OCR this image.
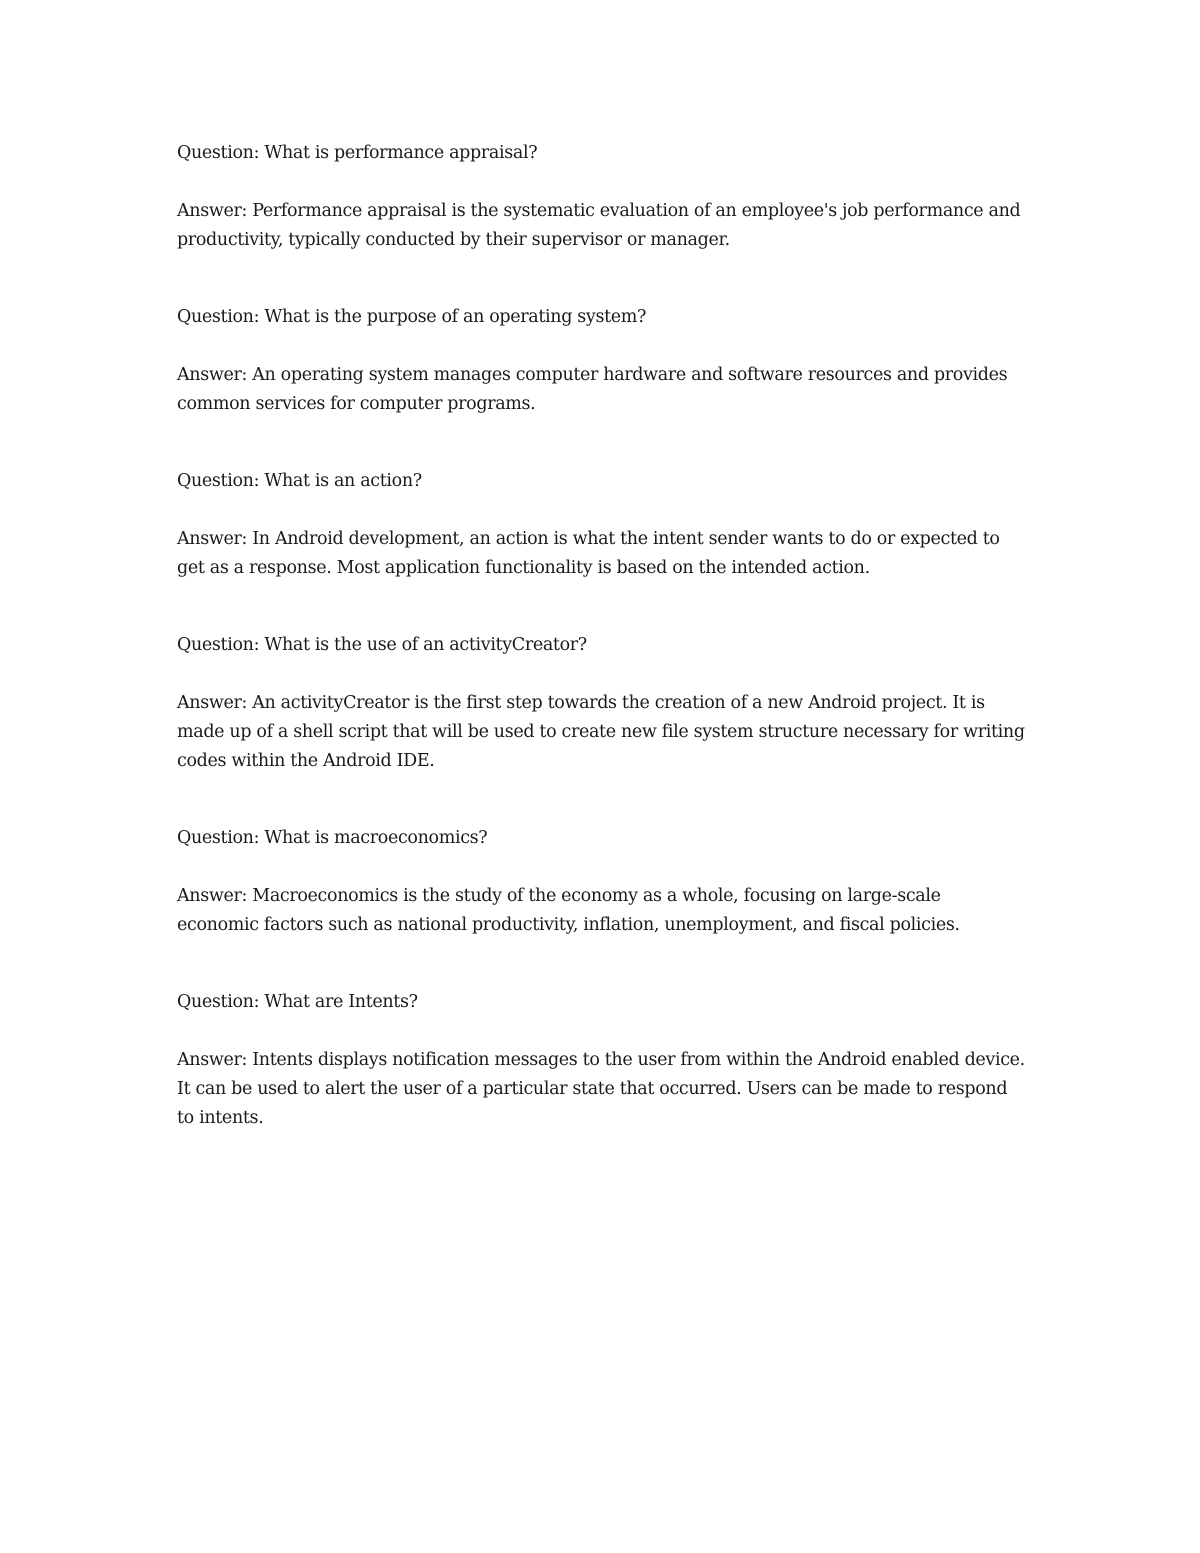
Question: What is performance appraisal?

Answer: Performance appraisal is the systematic evaluation of an employee's job performance and productivity, typically conducted by their supervisor or manager.

Question: What is the purpose of an operating system?

Answer: An operating system manages computer hardware and software resources and provides common services for computer programs.

Question: What is an action?

Answer: In Android development, an action is what the intent sender wants to do or expected to get as a response. Most application functionality is based on the intended action.

Question: What is the use of an activityCreator?

Answer: An activityCreator is the first step towards the creation of a new Android project. It is made up of a shell script that will be used to create new file system structure necessary for writing codes within the Android IDE.

Question: What is macroeconomics?

Answer: Macroeconomics is the study of the economy as a whole, focusing on large-scale economic factors such as national productivity, inflation, unemployment, and fiscal policies.

Question: What are Intents?

Answer: Intents displays notification messages to the user from within the Android enabled device. It can be used to alert the user of a particular state that occurred. Users can be made to respond to intents.
